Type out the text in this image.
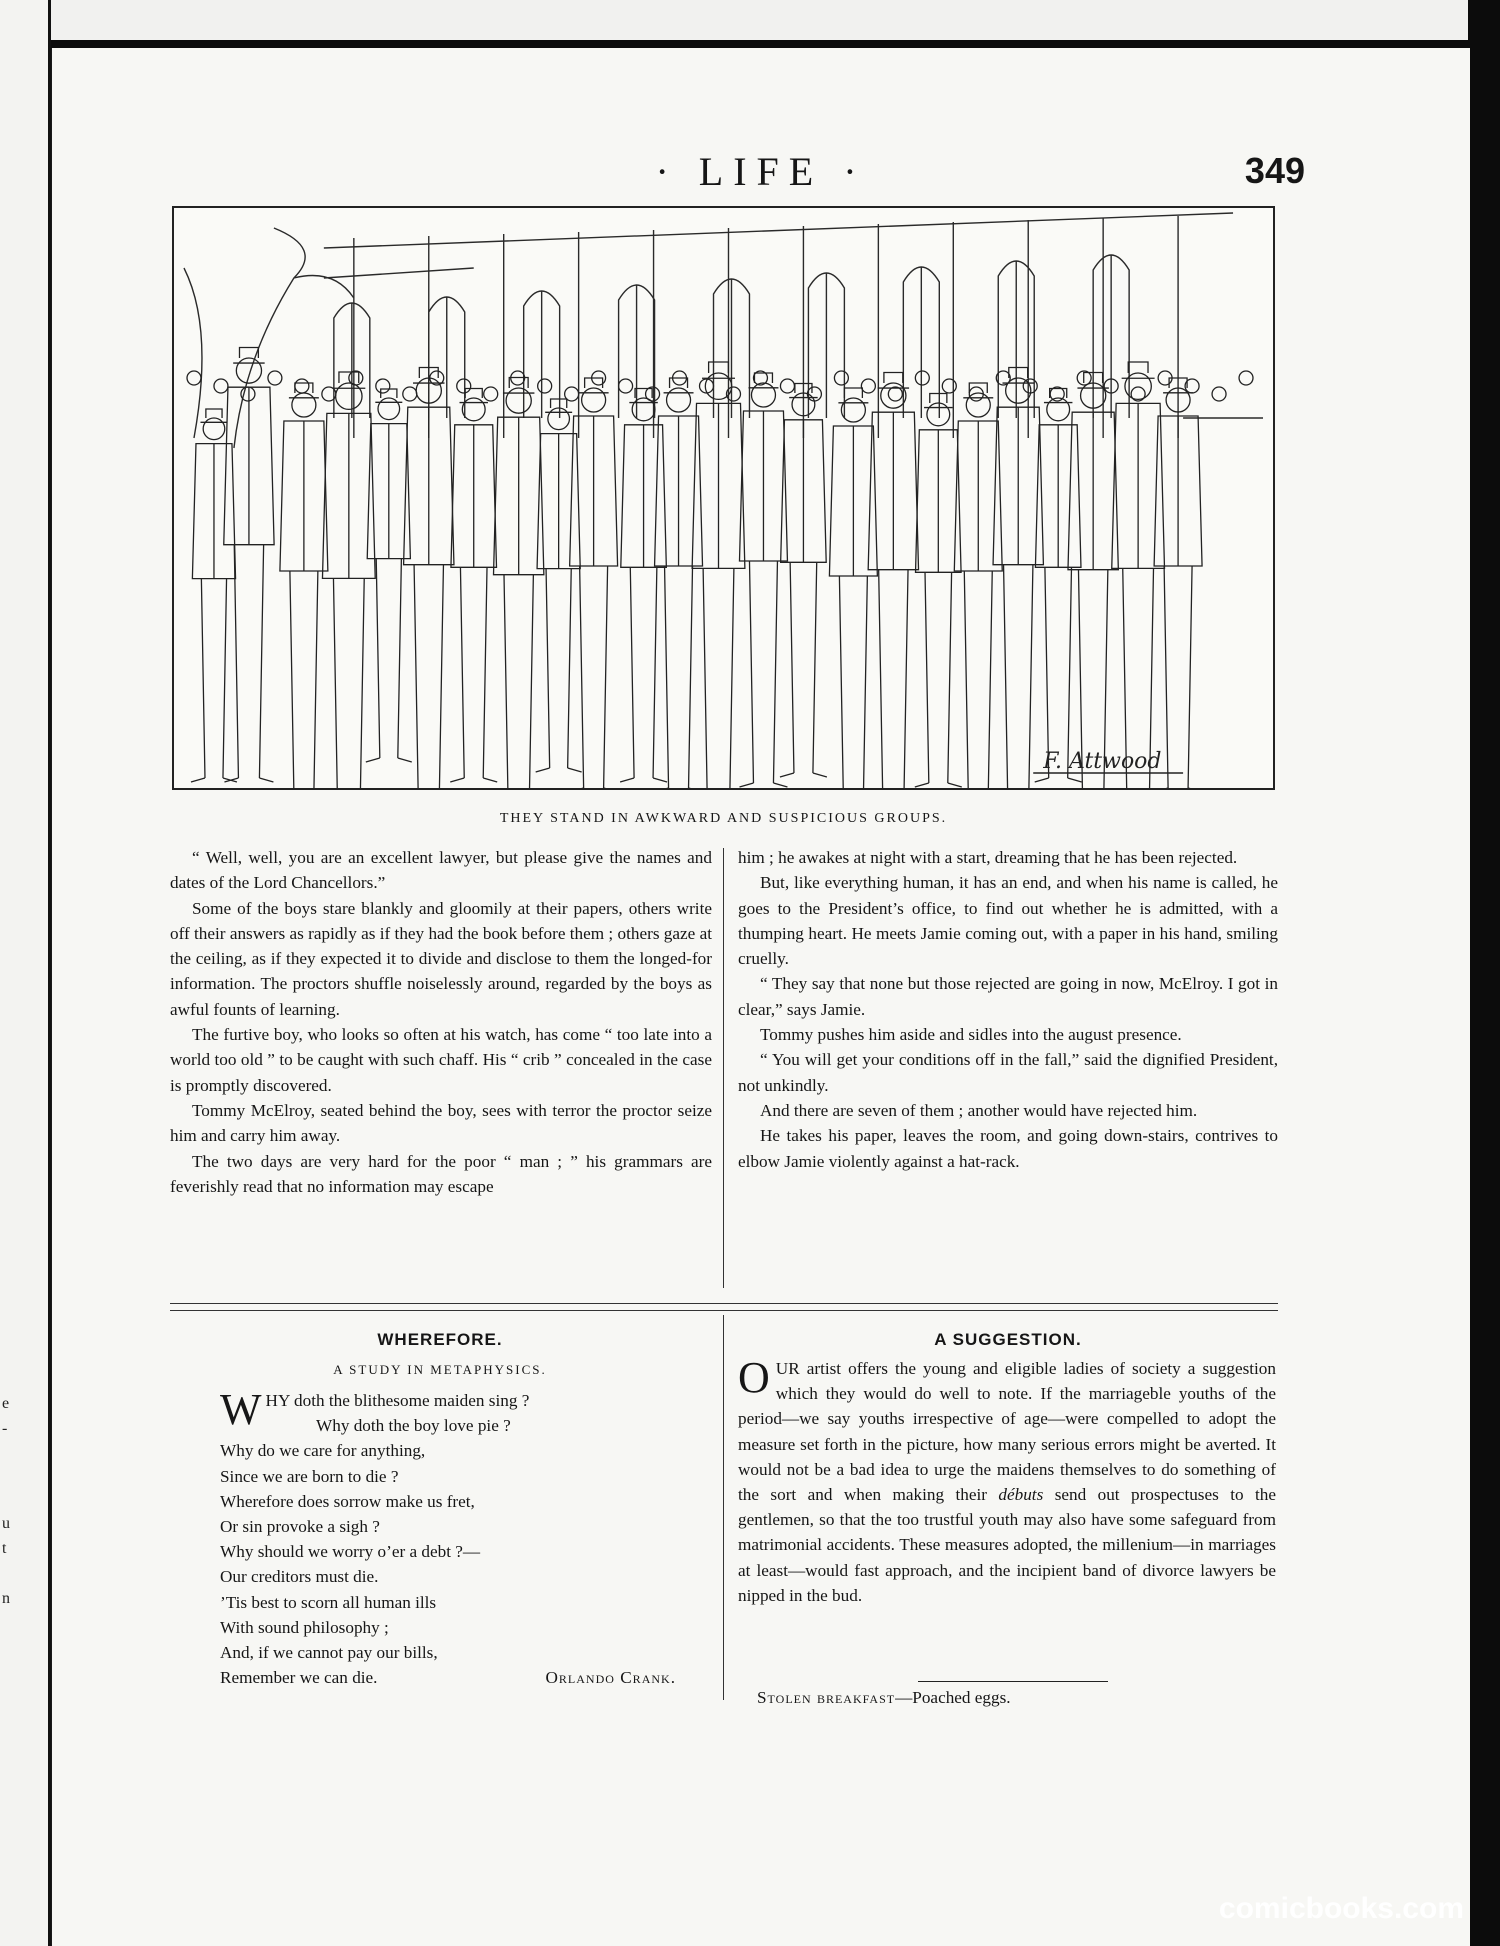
e
-
u
t
n
· LIFE ·	349
F. Attwood
THEY STAND IN AWKWARD AND SUSPICIOUS GROUPS.

“ Well, well, you are an excellent lawyer, but please give the names and dates of the Lord Chancellors.”

Some of the boys stare blankly and gloomily at their papers, others write off their answers as rapidly as if they had the book before them ; others gaze at the ceiling, as if they expected it to divide and disclose to them the longed-for information. The proctors shuffle noiselessly around, regarded by the boys as awful founts of learning.

The furtive boy, who looks so often at his watch, has come “ too late into a world too old ” to be caught with such chaff. His “ crib ” concealed in the case is promptly discovered.

Tommy McElroy, seated behind the boy, sees with terror the proctor seize him and carry him away.

The two days are very hard for the poor “ man ; ” his grammars are feverishly read that no information may escape

him ; he awakes at night with a start, dreaming that he has been rejected.

But, like everything human, it has an end, and when his name is called, he goes to the President’s office, to find out whether he is admitted, with a thumping heart. He meets Jamie coming out, with a paper in his hand, smiling cruelly.

“ They say that none but those rejected are going in now, McElroy. I got in clear,” says Jamie.

Tommy pushes him aside and sidles into the august presence.

“ You will get your conditions off in the fall,” said the dignified President, not unkindly.

And there are seven of them ; another would have rejected him.

He takes his paper, leaves the room, and going down-stairs, contrives to elbow Jamie violently against a hat-rack.

WHEREFORE.
A STUDY IN METAPHYSICS.
WHY doth the blithesome maiden sing ?
Why doth the boy love pie ?
Why do we care for anything,
Since we are born to die ?
Wherefore does sorrow make us fret,
Or sin provoke a sigh ?
Why should we worry o’er a debt ?—
Our creditors must die.
’Tis best to scorn all human ills
With sound philosophy ;
And, if we cannot pay our bills,
Remember we can die.	Orlando Crank.
A SUGGESTION.
OUR artist offers the young and eligible ladies of society a suggestion which they would do well to note. If the marriageble youths of the period—we say youths irrespective of age—were compelled to adopt the measure set forth in the picture, how many serious errors might be averted. It would not be a bad idea to urge the maidens themselves to do something of the sort and when making their débuts send out prospectuses to the gentlemen, so that the too trustful youth may also have some safeguard from matrimonial accidents. These measures adopted, the millenium—in marriages at least—would fast approach, and the incipient band of divorce lawyers be nipped in the bud.
Stolen breakfast—Poached eggs.
comicbooks.com
